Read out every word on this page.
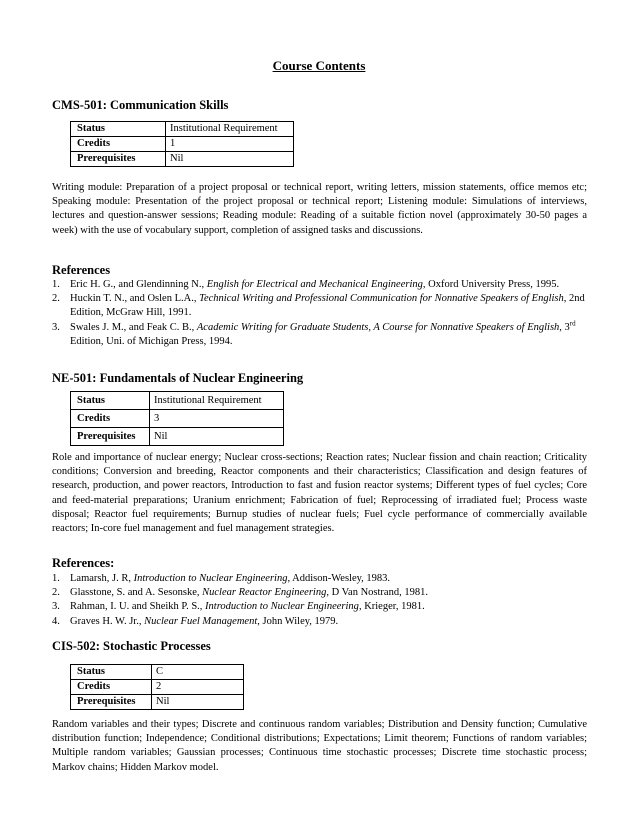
Course Contents
CMS-501: Communication Skills
Status	Institutional Requirement
Credits	1
Prerequisites	Nil

Writing module: Preparation of a project proposal or technical report, writing letters, mission statements, office memos etc; Speaking module: Presentation of the project proposal or technical report; Listening module: Simulations of interviews, lectures and question-answer sessions; Reading module: Reading of a suitable fiction novel (approximately 30-50 pages a week) with the use of vocabulary support, completion of assigned tasks and discussions.

References
1. Eric H. G., and Glendinning N., English for Electrical and Mechanical Engineering, Oxford University Press, 1995.
2. Huckin T. N., and Oslen L.A., Technical Writing and Professional Communication for Nonnative Speakers of English, 2nd Edition, McGraw Hill, 1991.
3. Swales J. M., and Feak C. B., Academic Writing for Graduate Students, A Course for Nonnative Speakers of English, 3rd Edition, Uni. of Michigan Press, 1994.
NE-501: Fundamentals of Nuclear Engineering
Status	Institutional Requirement
Credits	3
Prerequisites	Nil

Role and importance of nuclear energy; Nuclear cross-sections; Reaction rates; Nuclear fission and chain reaction; Criticality conditions; Conversion and breeding, Reactor components and their characteristics; Classification and design features of research, production, and power reactors, Introduction to fast and fusion reactor systems; Different types of fuel cycles; Core and feed-material preparations; Uranium enrichment; Fabrication of fuel; Reprocessing of irradiated fuel; Process waste disposal; Reactor fuel requirements; Burnup studies of nuclear fuels; Fuel cycle performance of commercially available reactors; In-core fuel management and fuel management strategies.

References:
1. Lamarsh, J. R, Introduction to Nuclear Engineering, Addison-Wesley, 1983.
2. Glasstone, S. and A. Sesonske, Nuclear Reactor Engineering, D Van Nostrand, 1981.
3. Rahman, I. U. and Sheikh P. S., Introduction to Nuclear Engineering, Krieger, 1981.
4. Graves H. W. Jr., Nuclear Fuel Management, John Wiley, 1979.
CIS-502: Stochastic Processes
Status	C
Credits	2
Prerequisites	Nil

Random variables and their types; Discrete and continuous random variables; Distribution and Density function; Cumulative distribution function; Independence; Conditional distributions; Expectations; Limit theorem; Functions of random variables; Multiple random variables; Gaussian processes; Continuous time stochastic processes; Discrete time stochastic process; Markov chains; Hidden Markov model.
